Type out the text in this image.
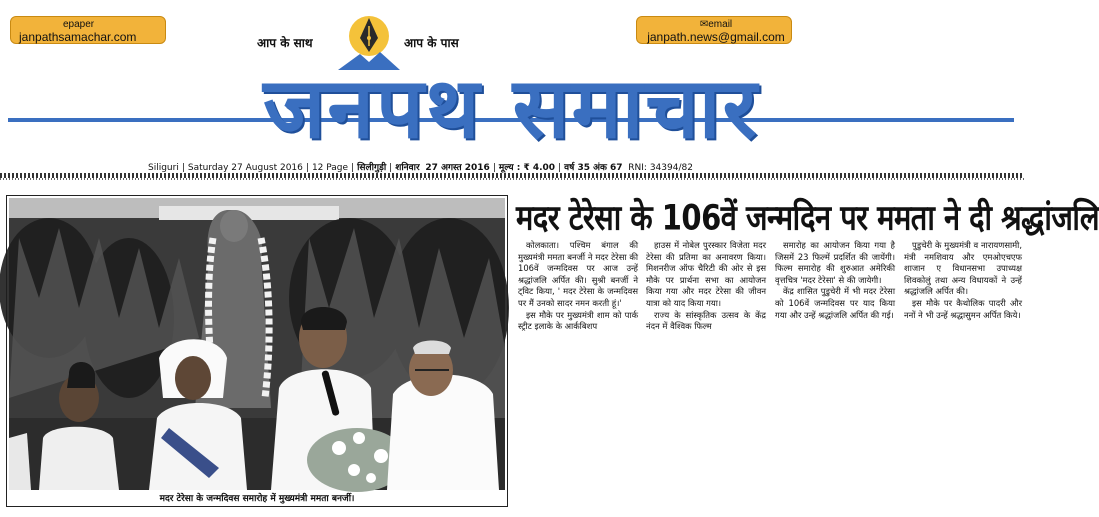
epaper
janpathsamachar.com
✉email
janpath.news@gmail.com
आप के साथ	आप के पास
जनपथ समाचार
Siliguri | Saturday 27 August 2016 | 12 Page | सिलीगुड़ी | शनिवार 27 अगस्त 2016 | मूल्य : ₹ 4.00 | वर्ष 35 अंक 67 RNI: 34394/82
मदर टेरेसा के जन्मदिवस समारोह में मुख्यमंत्री ममता बनर्जी।
मदर टेरेसा के 106वें जन्मदिन पर ममता ने दी श्रद्धांजलि

कोलकाता। पश्चिम बंगाल की मुख्यमंत्री ममता बनर्जी ने मदर टेरेसा की 106वें जन्मदिवस पर आज उन्हें श्रद्धांजलि अर्पित की। सुश्री बनर्जी ने ट्विट किया, ' मदर टेरेसा के जन्मदिवस पर मैं उनको सादर नमन करती हूं।'

इस मौके पर मुख्यमंत्री शाम को पार्क स्ट्रीट इलाके के आर्कबिशप

हाउस में नोबेल पुरस्कार विजेता मदर टेरेसा की प्रतिमा का अनावरण किया। मिशनरीज ऑफ चैरिटी की ओर से इस मौके पर प्रार्थना सभा का आयोजन किया गया और मदर टेरेसा की जीवन यात्रा को याद किया गया।

राज्य के सांस्कृतिक उत्सव के केंद्र नंदन में वैश्विक फिल्म

समारोह का आयोजन किया गया है जिसमें 23 फिल्में प्रदर्शित की जायेंगी। फिल्म समारोह की शुरुआत अमेरिकी वृत्तचित्र 'मदर टेरेसा' से की जायेगी।

केंद्र शासित पुडुचेरी में भी मदर टेरेसा को 106वें जन्मदिवस पर याद किया गया और उन्हें श्रद्धांजलि अर्पित की गई।

पुडुचेरी के मुख्यमंत्री व नारायणसामी, मंत्री नमशिवाय और एमओएचएफ शाजान ए विधानसभा उपाध्यक्ष शिवकोलुं तथा अन्य विधायकों ने उन्हें श्रद्धांजलि अर्पित की।

इस मौके पर कैथोलिक पादरी और ननों ने भी उन्हें श्रद्धासुमन अर्पित किये।
